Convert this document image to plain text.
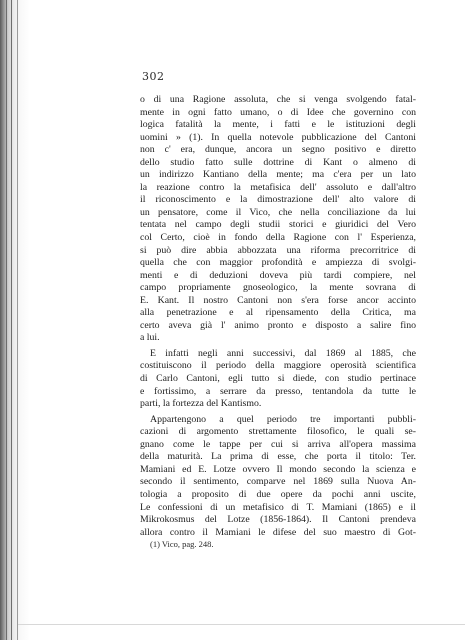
302
o di una Ragione assoluta, che si venga svolgendo fatal-
mente in ogni fatto umano, o di Idee che governino con
logica fatalità la mente, i fatti e le istituzioni degli
uomini » (1). In quella notevole pubblicazione del Cantoni
non c' era, dunque, ancora un segno positivo e diretto
dello studio fatto sulle dottrine di Kant o almeno di
un indirizzo Kantiano della mente; ma c'era per un lato
la reazione contro la metafisica dell' assoluto e dall'altro
il riconoscimento e la dimostrazione dell' alto valore di
un pensatore, come il Vico, che nella conciliazione da lui
tentata nel campo degli studii storici e giuridici del Vero
col Certo, cioè in fondo della Ragione con l' Esperienza,
si può dire abbia abbozzata una riforma precorritrice di
quella che con maggior profondità e ampiezza di svolgi-
menti e di deduzioni doveva più tardi compiere, nel
campo propriamente gnoseologico, la mente sovrana di
E. Kant. Il nostro Cantoni non s'era forse ancor accinto
alla penetrazione e al ripensamento della Critica, ma
certo aveva già l' animo pronto e disposto a salire fino
a lui.
E infatti negli anni successivi, dal 1869 al 1885, che
costituiscono il periodo della maggiore operosità scientifica
di Carlo Cantoni, egli tutto si diede, con studio pertinace
e fortissimo, a serrare da presso, tentandola da tutte le
parti, la fortezza del Kantismo.
Appartengono a quel periodo tre importanti pubbli-
cazioni di argomento strettamente filosofico, le quali se-
gnano come le tappe per cui si arriva all'opera massima
della maturità. La prima di esse, che porta il titolo: Ter.
Mamiani ed E. Lotze ovvero Il mondo secondo la scienza e
secondo il sentimento, comparve nel 1869 sulla Nuova An-
tologia a proposito di due opere da pochi anni uscite,
Le confessioni di un metafisico di T. Mamiani (1865) e il
Mikrokosmus del Lotze (1856-1864). Il Cantoni prendeva
allora contro il Mamiani le difese del suo maestro di Got-
(1) Vico, pag. 248.
